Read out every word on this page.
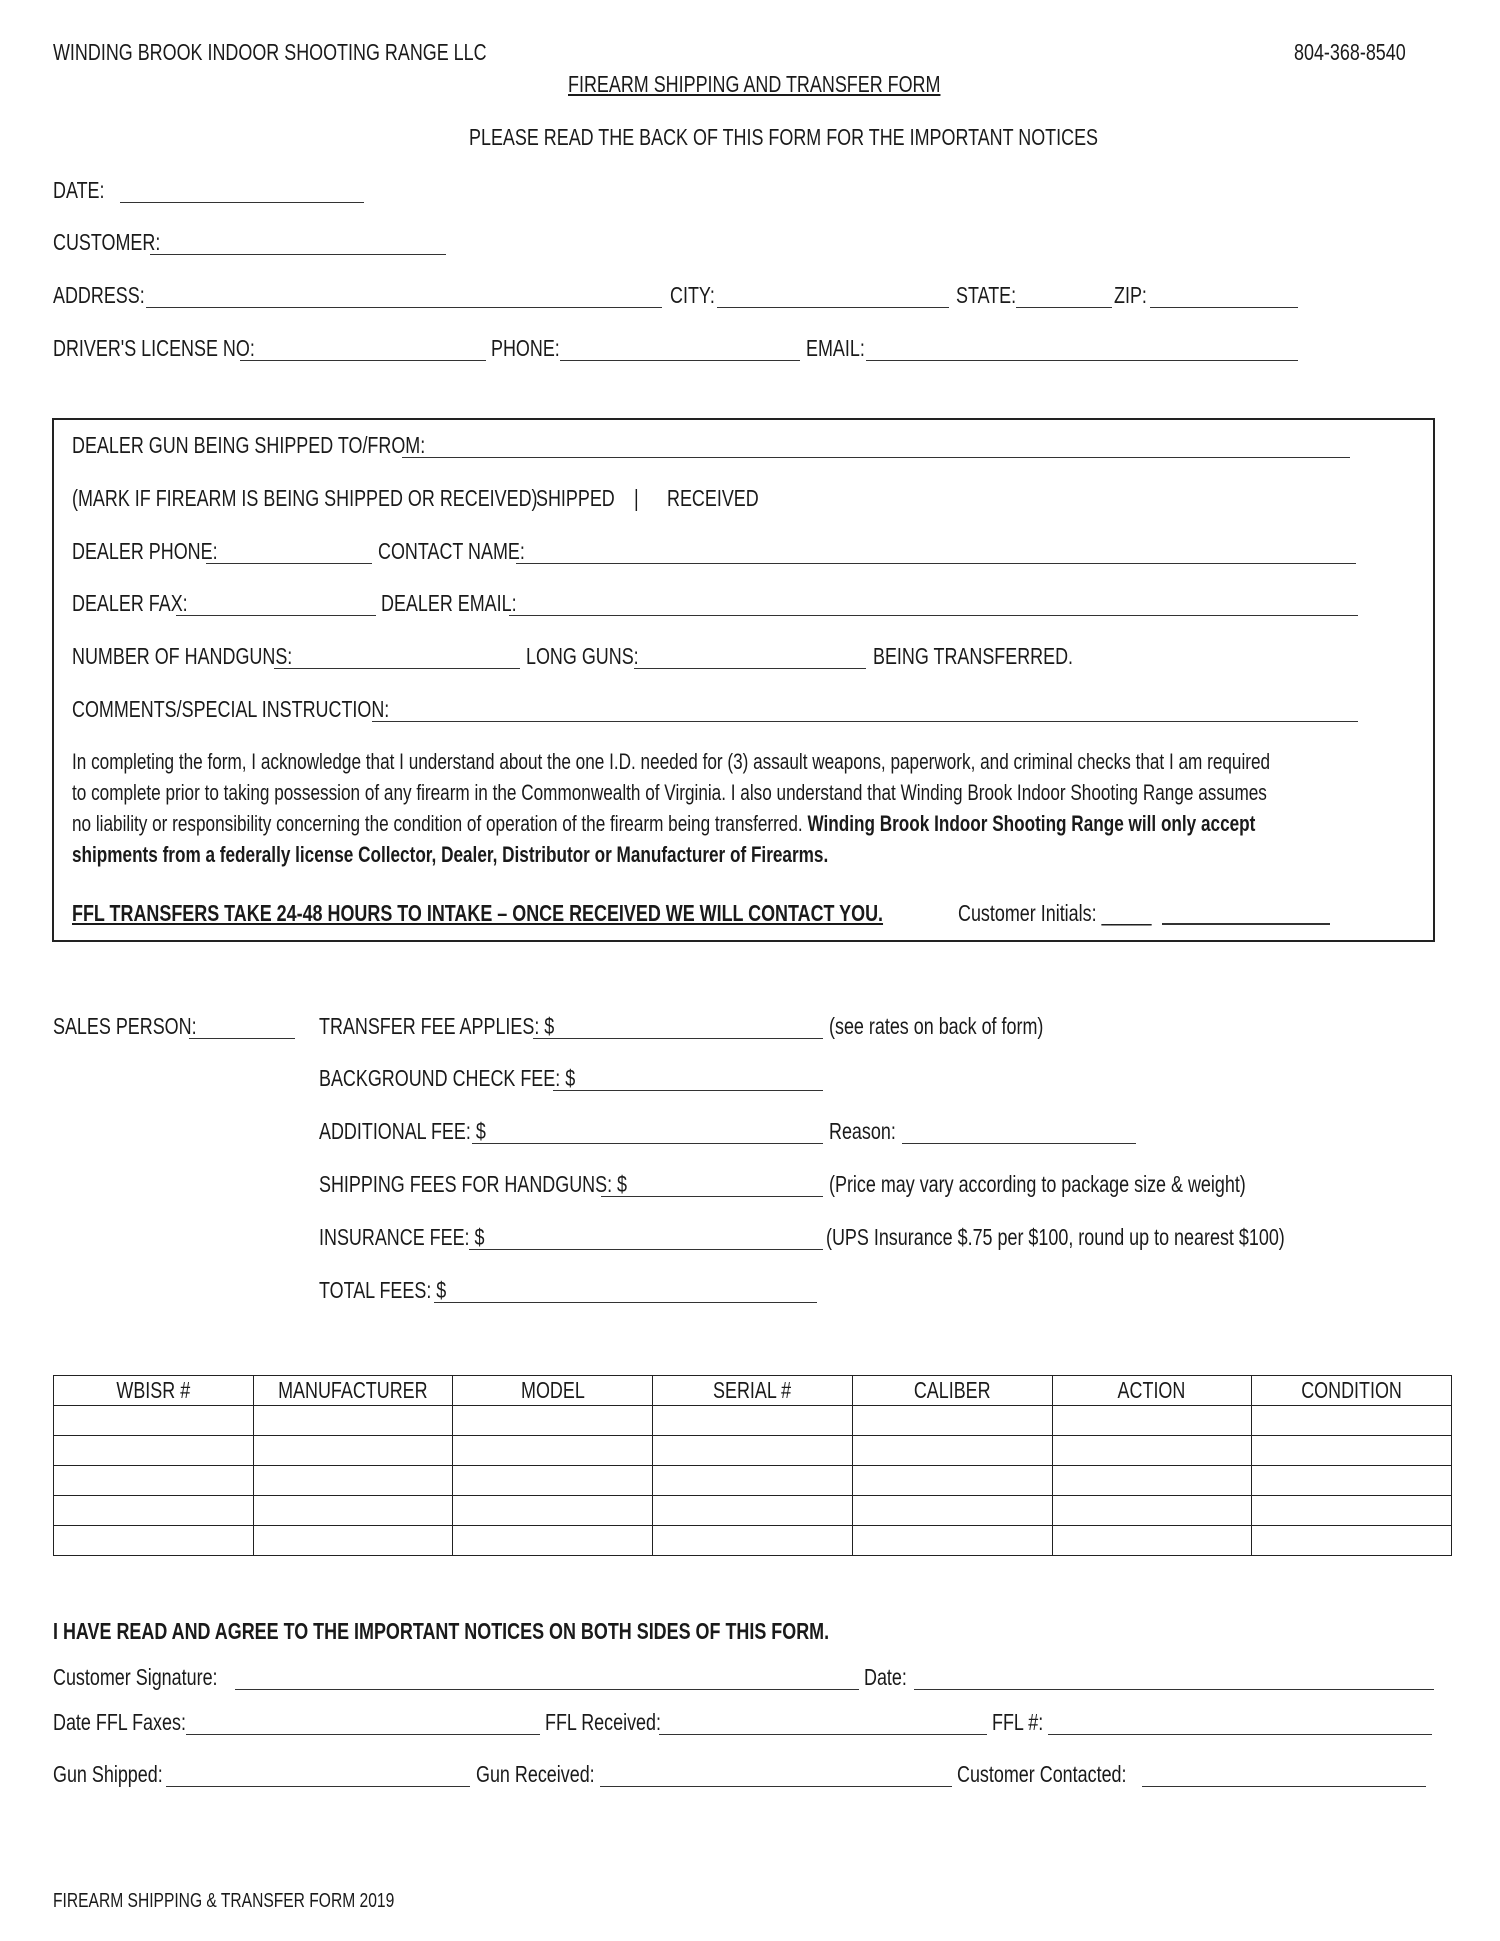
WINDING BROOK INDOOR SHOOTING RANGE LLC	804-368-8540
FIREARM SHIPPING AND TRANSFER FORM
PLEASE READ THE BACK OF THIS FORM FOR THE IMPORTANT NOTICES
DATE:
CUSTOMER:
ADDRESS:	CITY:	STATE:	ZIP:
DRIVER'S LICENSE NO:	PHONE:	EMAIL:
DEALER GUN BEING SHIPPED TO/FROM:
(MARK IF FIREARM IS BEING SHIPPED OR RECEIVED)
SHIPPED | RECEIVED
DEALER PHONE:	CONTACT NAME:
DEALER FAX:	DEALER EMAIL:
NUMBER OF HANDGUNS:	LONG GUNS:	BEING TRANSFERRED.
COMMENTS/SPECIAL INSTRUCTION:
In completing the form, I acknowledge that I understand about the one I.D. needed for (3) assault weapons, paperwork, and criminal checks that I am required
to complete prior to taking possession of any firearm in the Commonwealth of Virginia. I also understand that Winding Brook Indoor Shooting Range assumes
no liability or responsibility concerning the condition of operation of the firearm being transferred. Winding Brook Indoor Shooting Range will only accept
shipments from a federally license Collector, Dealer, Distributor or Manufacturer of Firearms.
FFL TRANSFERS TAKE 24-48 HOURS TO INTAKE – ONCE RECEIVED WE WILL CONTACT YOU.	Customer Initials: _____
SALES PERSON:	TRANSFER FEE APPLIES: $	(see rates on back of form)
BACKGROUND CHECK FEE: $
ADDITIONAL FEE: $	Reason:
SHIPPING FEES FOR HANDGUNS: $	(Price may vary according to package size & weight)
INSURANCE FEE: $	(UPS Insurance $.75 per $100, round up to nearest $100)
TOTAL FEES: $
WBISR #	MANUFACTURER	MODEL	SERIAL #	CALIBER	ACTION	CONDITION

I HAVE READ AND AGREE TO THE IMPORTANT NOTICES ON BOTH SIDES OF THIS FORM.
Customer Signature:	Date:
Date FFL Faxes:	FFL Received:	FFL #:
Gun Shipped:	Gun Received:	Customer Contacted:
FIREARM SHIPPING & TRANSFER FORM 2019
